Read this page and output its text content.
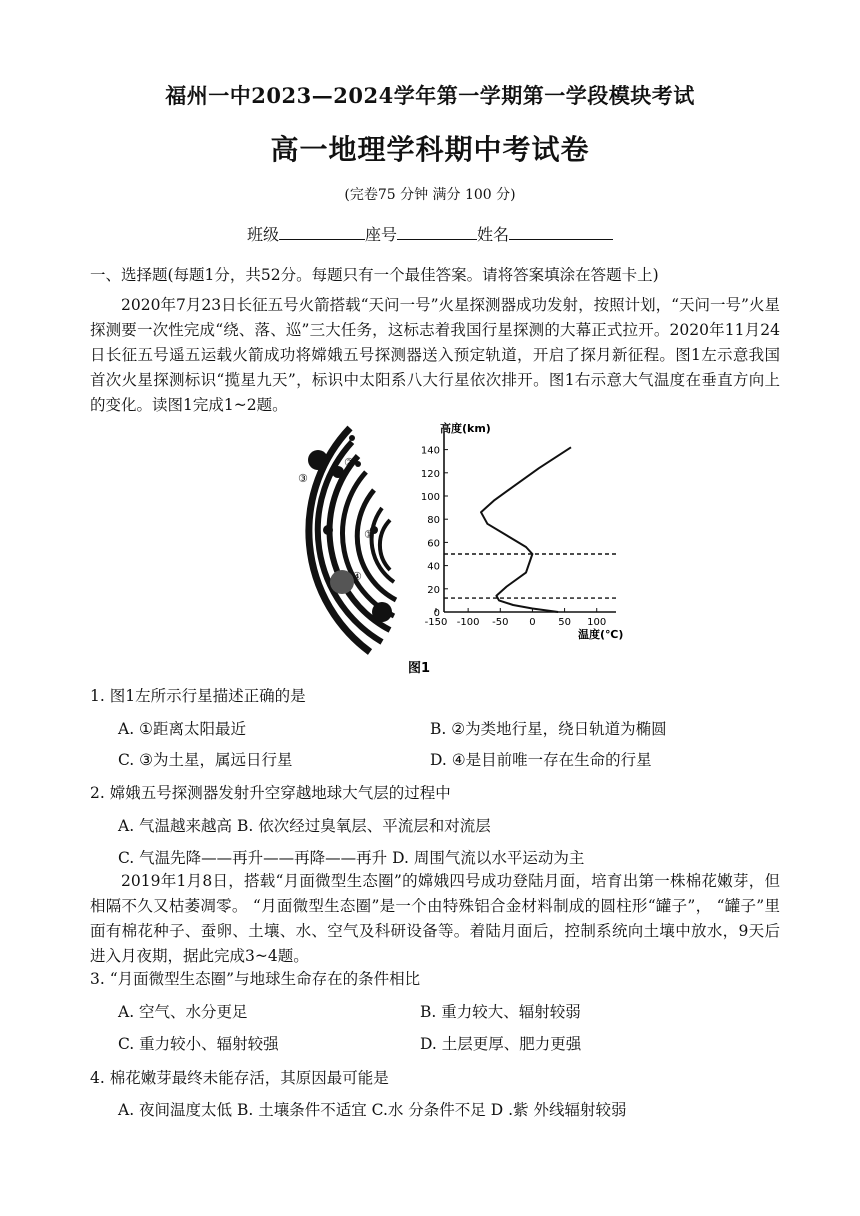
福州一中2023—2024学年第一学期第一学段模块考试
高一地理学科期中考试卷
(完卷75 分钟 满分 100 分)
班级	座号	姓名
一、选择题(每题1分，共52分。每题只有一个最佳答案。请将答案填涂在答题卡上)

2020年7月23日长征五号火箭搭载“天问一号”火星探测器成功发射，按照计划，“天问一号”火星探测要一次性完成“绕、落、巡”三大任务，这标志着我国行星探测的大幕正式拉开。2020年11月24日长征五号遥五运载火箭成功将嫦娥五号探测器送入预定轨道，开启了探月新征程。图1左示意我国首次火星探测标识“揽星九天”，标识中太阳系八大行星依次排开。图1右示意大气温度在垂直方向上的变化。读图1完成1~2题。

③
②
①
④
0
20
40
60
80
100
120
140
-150 -100 -50 0 50 100
高度(km)
温度(℃)
图1
1. 图1左所示行星描述正确的是
A. ①距离太阳最近	B. ②为类地行星，绕日轨道为椭圆
C. ③为土星，属远日行星	D. ④是目前唯一存在生命的行星
2. 嫦娥五号探测器发射升空穿越地球大气层的过程中
A. 气温越来越高 B. 依次经过臭氧层、平流层和对流层
C. 气温先降——再升——再降——再升 D. 周围气流以水平运动为主

2019年1月8日，搭载“月面微型生态圈”的嫦娥四号成功登陆月面，培育出第一株棉花嫩芽，但相隔不久又枯萎凋零。 “月面微型生态圈”是一个由特殊铝合金材料制成的圆柱形“罐子”， “罐子”里面有棉花种子、蚕卵、土壤、水、空气及科研设备等。着陆月面后，控制系统向土壤中放水，9天后进入月夜期，据此完成3~4题。

3. “月面微型生态圈”与地球生命存在的条件相比
A. 空气、水分更足	B. 重力较大、辐射较弱
C. 重力较小、辐射较强	D. 土层更厚、肥力更强
4. 棉花嫩芽最终未能存活，其原因最可能是
A. 夜间温度太低 B. 土壤条件不适宜 C.水 分条件不足 D .紫 外线辐射较弱
